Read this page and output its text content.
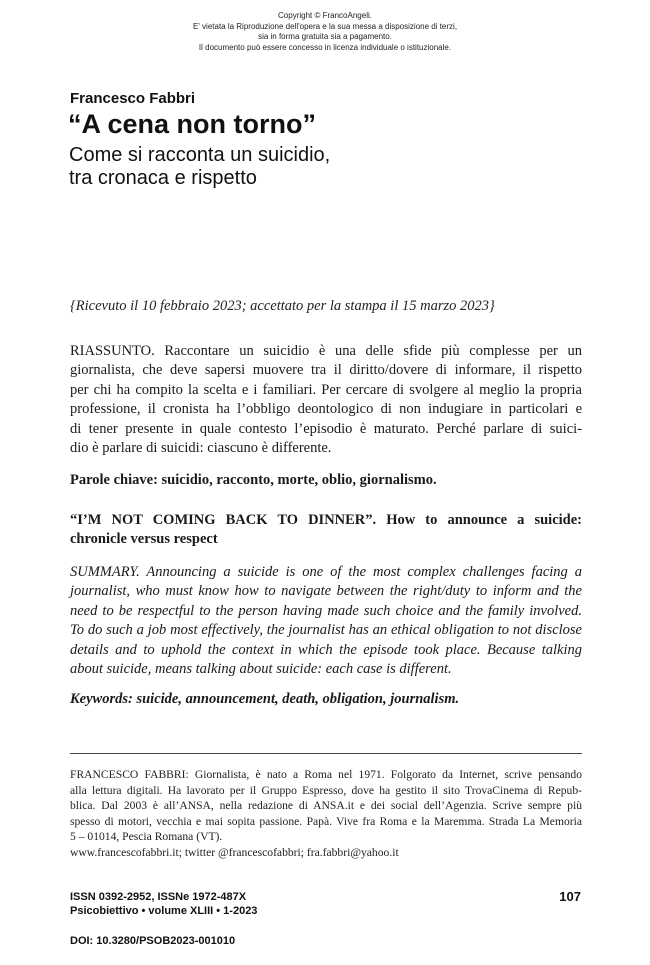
Copyright © FrancoAngeli.
E' vietata la Riproduzione dell'opera e la sua messa a disposizione di terzi,
sia in forma gratuita sia a pagamento.
Il documento può essere concesso in licenza individuale o istituzionale.
Francesco Fabbri
“A cena non torno”
Come si racconta un suicidio,
tra cronaca e rispetto
{Ricevuto il 10 febbraio 2023; accettato per la stampa il 15 marzo 2023}
RIASSUNTO. Raccontare un suicidio è una delle sfide più complesse per un
giornalista, che deve sapersi muovere tra il diritto/dovere di informare, il rispetto
per chi ha compito la scelta e i familiari. Per cercare di svolgere al meglio la propria
professione, il cronista ha l’obbligo deontologico di non indugiare in particolari e
di tener presente in quale contesto l’episodio è maturato. Perché parlare di suici-
dio è parlare di suicidi: ciascuno è differente.
Parole chiave: suicidio, racconto, morte, oblio, giornalismo.
“I’M NOT COMING BACK TO DINNER”. How to announce a suicide:
chronicle versus respect
SUMMARY. Announcing a suicide is one of the most complex challenges facing a
journalist, who must know how to navigate between the right/duty to inform and the
need to be respectful to the person having made such choice and the family involved.
To do such a job most effectively, the journalist has an ethical obligation to not disclose
details and to uphold the context in which the episode took place. Because talking
about suicide, means talking about suicide: each case is different.
Keywords: suicide, announcement, death, obligation, journalism.
FRANCESCO FABBRI: Giornalista, è nato a Roma nel 1971. Folgorato da Internet, scrive pensando
alla lettura digitali. Ha lavorato per il Gruppo Espresso, dove ha gestito il sito TrovaCinema di Repub-
blica. Dal 2003 è all’ANSA, nella redazione di ANSA.it e dei social dell’Agenzia. Scrive sempre più
spesso di motori, vecchia e mai sopita passione. Papà. Vive fra Roma e la Maremma. Strada La Memoria
5 – 01014, Pescia Romana (VT).
www.francescofabbri.it; twitter @francescofabbri; fra.fabbri@yahoo.it
ISSN 0392-2952, ISSNe 1972-487X
Psicobiettivo • volume XLIII • 1-2023
DOI: 10.3280/PSOB2023-001010
107
